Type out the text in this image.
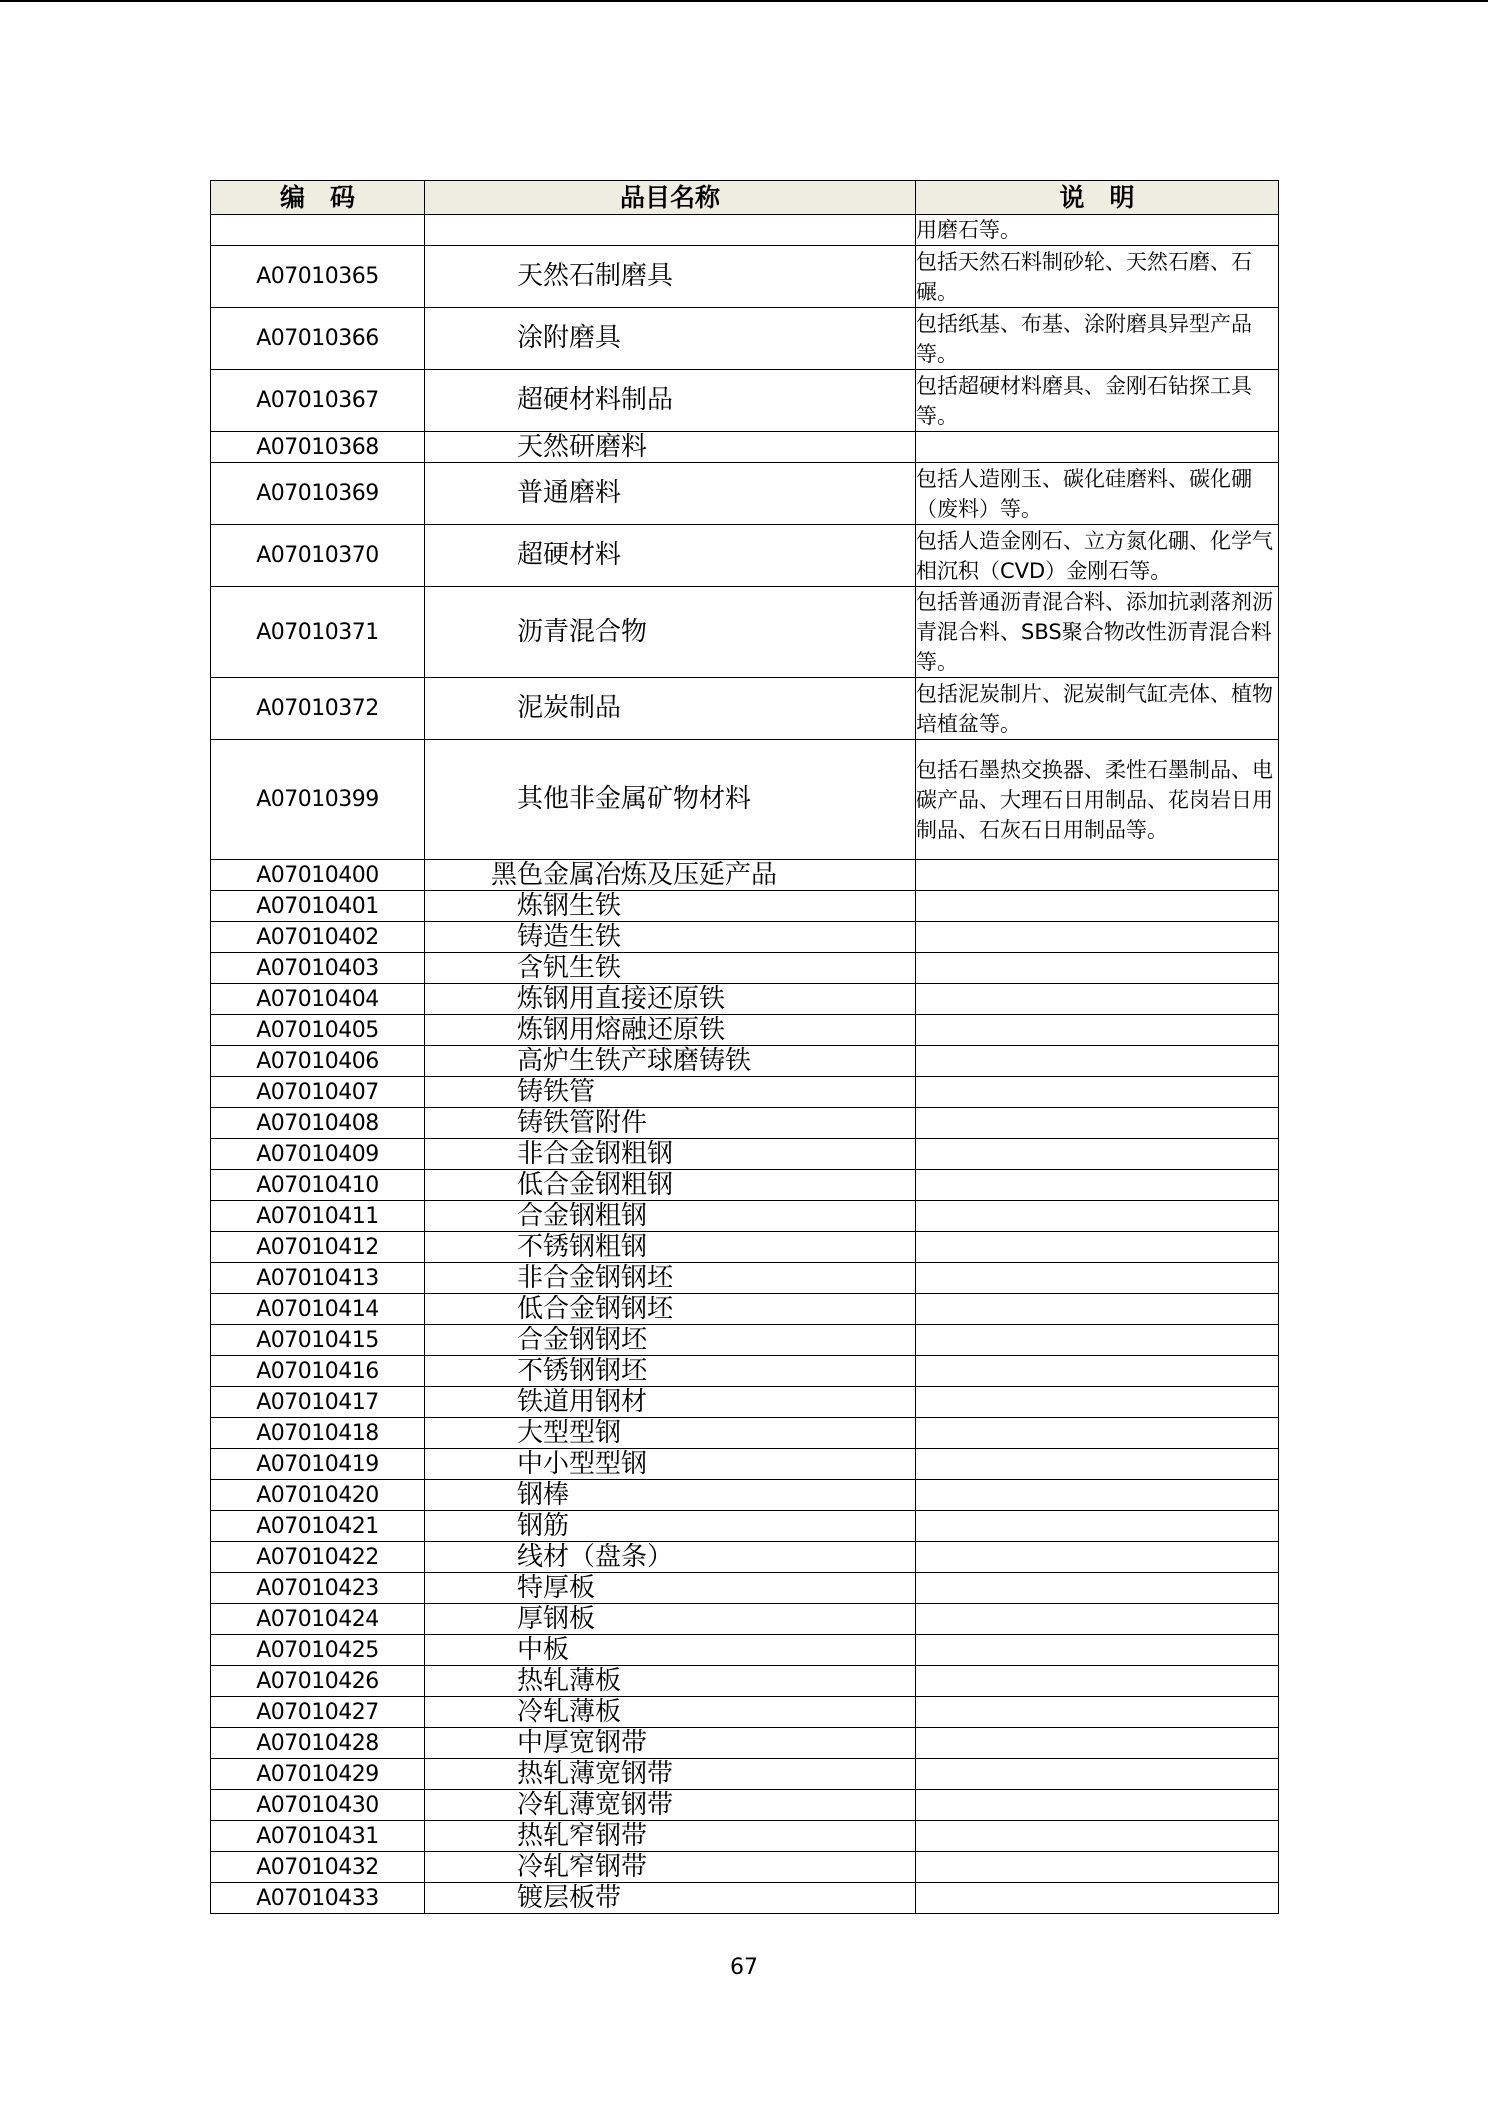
编　码	品目名称	说　明
		用磨石等。
A07010365	天然石制磨具	包括天然石料制砂轮、天然石磨、石碾。
A07010366	涂附磨具	包括纸基、布基、涂附磨具异型产品等。
A07010367	超硬材料制品	包括超硬材料磨具、金刚石钻探工具等。
A07010368	天然研磨料	
A07010369	普通磨料	包括人造刚玉、碳化硅磨料、碳化硼（废料）等。
A07010370	超硬材料	包括人造金刚石、立方氮化硼、化学气相沉积（CVD）金刚石等。
A07010371	沥青混合物	包括普通沥青混合料、添加抗剥落剂沥青混合料、SBS聚合物改性沥青混合料等。
A07010372	泥炭制品	包括泥炭制片、泥炭制气缸壳体、植物培植盆等。
A07010399	其他非金属矿物材料	包括石墨热交换器、柔性石墨制品、电碳产品、大理石日用制品、花岗岩日用制品、石灰石日用制品等。
A07010400	黑色金属冶炼及压延产品	
A07010401	炼钢生铁	
A07010402	铸造生铁	
A07010403	含钒生铁	
A07010404	炼钢用直接还原铁	
A07010405	炼钢用熔融还原铁	
A07010406	高炉生铁产球磨铸铁	
A07010407	铸铁管	
A07010408	铸铁管附件	
A07010409	非合金钢粗钢	
A07010410	低合金钢粗钢	
A07010411	合金钢粗钢	
A07010412	不锈钢粗钢	
A07010413	非合金钢钢坯	
A07010414	低合金钢钢坯	
A07010415	合金钢钢坯	
A07010416	不锈钢钢坯	
A07010417	铁道用钢材	
A07010418	大型型钢	
A07010419	中小型型钢	
A07010420	钢棒	
A07010421	钢筋	
A07010422	线材（盘条）	
A07010423	特厚板	
A07010424	厚钢板	
A07010425	中板	
A07010426	热轧薄板	
A07010427	冷轧薄板	
A07010428	中厚宽钢带	
A07010429	热轧薄宽钢带	
A07010430	冷轧薄宽钢带	
A07010431	热轧窄钢带	
A07010432	冷轧窄钢带	
A07010433	镀层板带	
67
